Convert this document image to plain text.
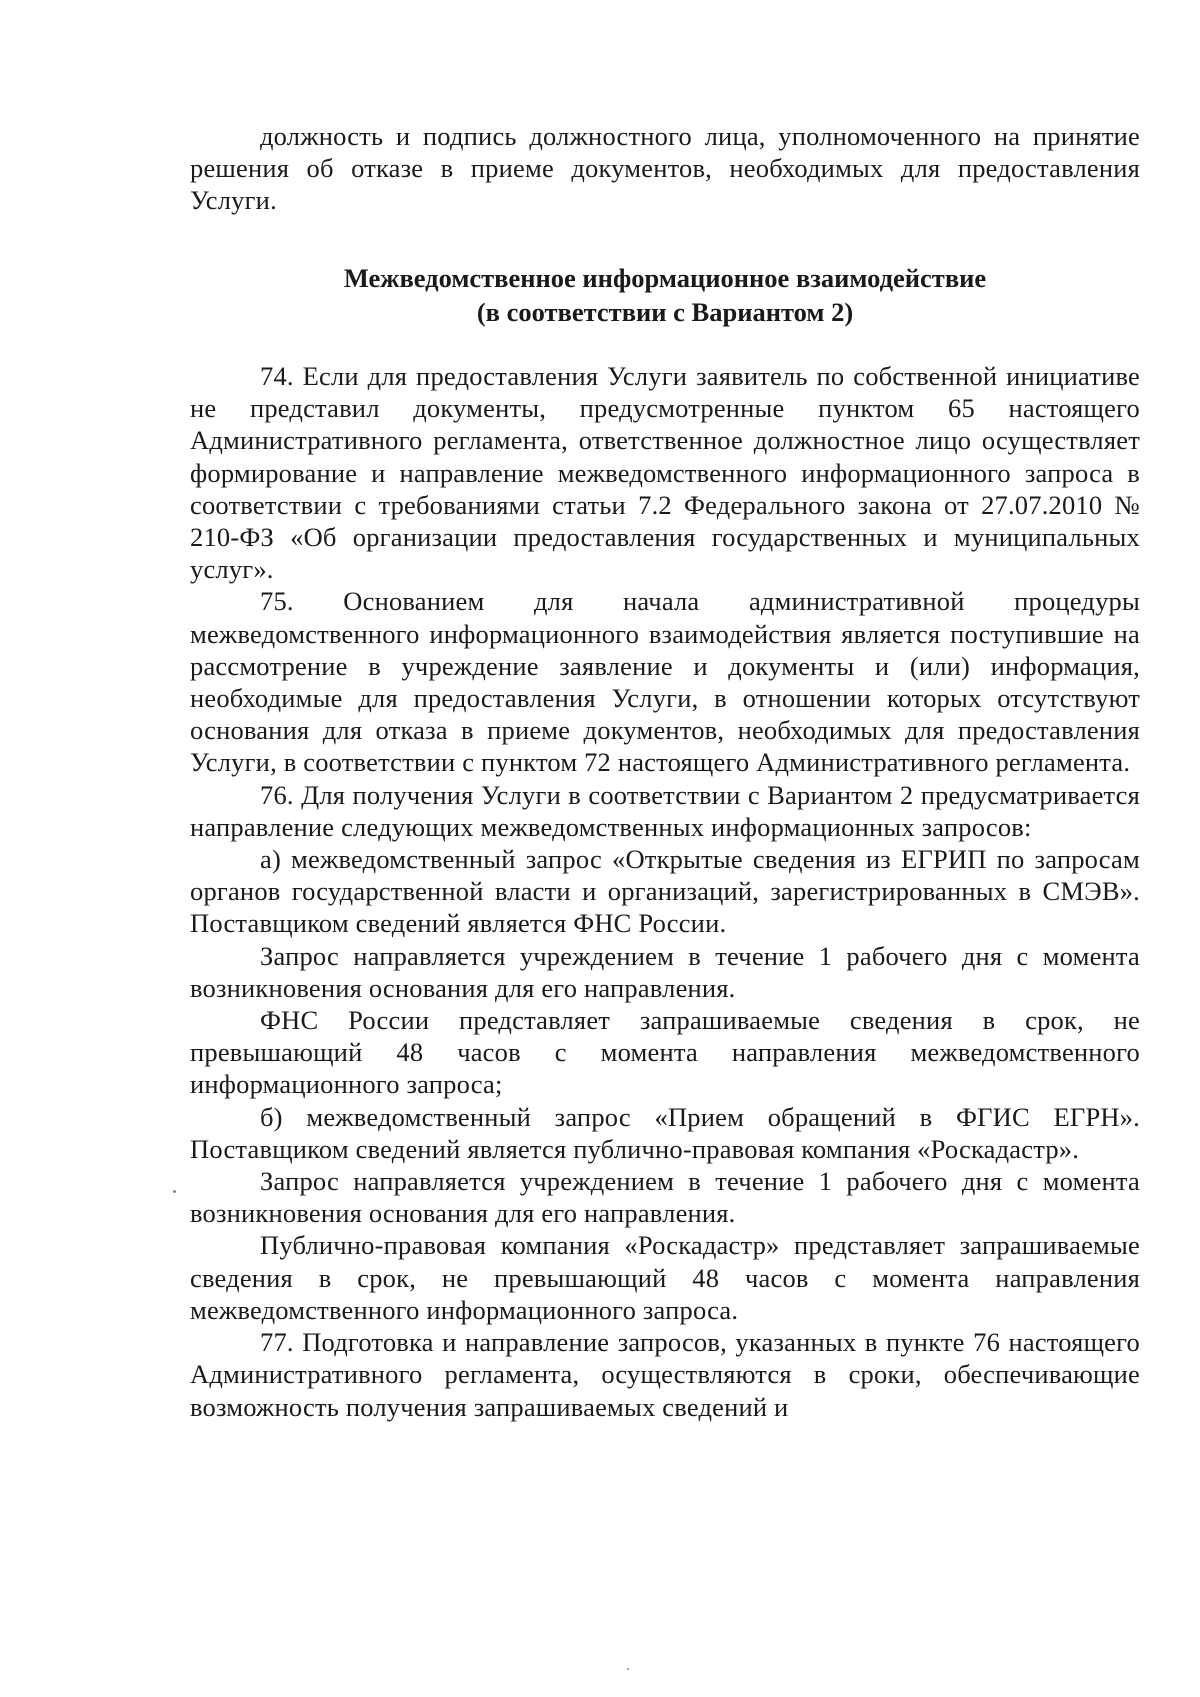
должность и подпись должностного лица, уполномоченного на принятие решения об отказе в приеме документов, необходимых для предоставления Услуги.

Межведомственное информационное взаимодействие
(в соответствии с Вариантом 2)

74. Если для предоставления Услуги заявитель по собственной инициативе не представил документы, предусмотренные пунктом 65 настоящего Административного регламента, ответственное должностное лицо осуществляет формирование и направление межведомственного информационного запроса в соответствии с требованиями статьи 7.2 Федерального закона от 27.07.2010 № 210-ФЗ «Об организации предоставления государственных и муниципальных услуг».

75. Основанием для начала административной процедуры межведомственного информационного взаимодействия является поступившие на рассмотрение в учреждение заявление и документы и (или) информация, необходимые для предоставления Услуги, в отношении которых отсутствуют основания для отказа в приеме документов, необходимых для предоставления Услуги, в соответствии с пунктом 72 настоящего Административного регламента.

76. Для получения Услуги в соответствии с Вариантом 2 предусматривается направление следующих межведомственных информационных запросов:

а) межведомственный запрос «Открытые сведения из ЕГРИП по запросам органов государственной власти и организаций, зарегистрированных в СМЭВ». Поставщиком сведений является ФНС России.

Запрос направляется учреждением в течение 1 рабочего дня с момента возникновения основания для его направления.

ФНС России представляет запрашиваемые сведения в срок, не превышающий 48 часов с момента направления межведомственного информационного запроса;

б) межведомственный запрос «Прием обращений в ФГИС ЕГРН». Поставщиком сведений является публично-правовая компания «Роскадастр».

Запрос направляется учреждением в течение 1 рабочего дня с момента возникновения основания для его направления.

Публично-правовая компания «Роскадастр» представляет запрашиваемые сведения в срок, не превышающий 48 часов с момента направления межведомственного информационного запроса.

77. Подготовка и направление запросов, указанных в пункте 76 настоящего Административного регламента, осуществляются в сроки, обеспечивающие возможность получения запрашиваемых сведений и
